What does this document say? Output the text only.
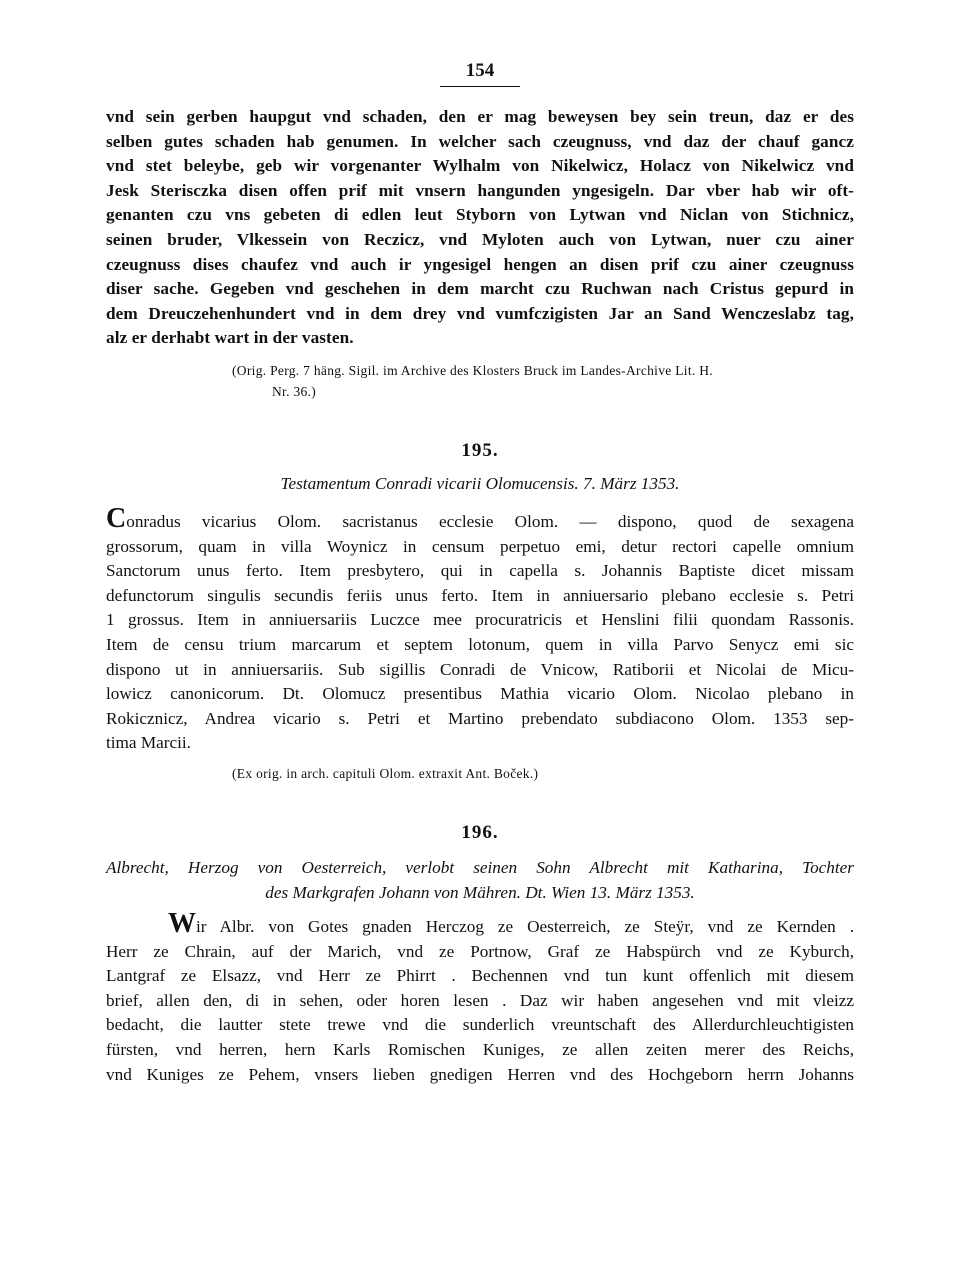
154
vnd sein gerben haupgut vnd schaden, den er mag beweysen bey sein treun, daz er des
selben gutes schaden hab genumen. In welcher sach czeugnuss, vnd daz der chauf gancz
vnd stet beleybe, geb wir vorgenanter Wylhalm von Nikelwicz, Holacz von Nikelwicz vnd
Jesk Sterisczka disen offen prif mit vnsern hangunden yngesigeln. Dar vber hab wir oft-
genanten czu vns gebeten di edlen leut Styborn von Lytwan vnd Niclan von Stichnicz,
seinen bruder, Vlkessein von Reczicz, vnd Myloten auch von Lytwan, nuer czu ainer
czeugnuss dises chaufez vnd auch ir yngesigel hengen an disen prif czu ainer czeugnuss
diser sache. Gegeben vnd geschehen in dem marcht czu Ruchwan nach Cristus gepurd in
dem Dreuczehenhundert vnd in dem drey vnd vumfczigisten Jar an Sand Wenczeslabz tag,
alz er derhabt wart in der vasten.
(Orig. Perg. 7 häng. Sigil. im Archive des Klosters Bruck im Landes-Archive Lit. H.
Nr. 36.)
195.
Testamentum Conradi vicarii Olomucensis. 7. März 1353.
Conradus vicarius Olom. sacristanus ecclesie Olom. — dispono, quod de sexagena
grossorum, quam in villa Woynicz in censum perpetuo emi, detur rectori capelle omnium
Sanctorum unus ferto. Item presbytero, qui in capella s. Johannis Baptiste dicet missam
defunctorum singulis secundis feriis unus ferto. Item in anniuersario plebano ecclesie s. Petri
1 grossus. Item in anniuersariis Luczce mee procuratricis et Henslini filii quondam Rassonis.
Item de censu trium marcarum et septem lotonum, quem in villa Parvo Senycz emi sic
dispono ut in anniuersariis. Sub sigillis Conradi de Vnicow, Ratiborii et Nicolai de Micu-
lowicz canonicorum. Dt. Olomucz presentibus Mathia vicario Olom. Nicolao plebano in
Rokicznicz, Andrea vicario s. Petri et Martino prebendato subdiacono Olom. 1353 sep-
tima Marcii.
(Ex orig. in arch. capituli Olom. extraxit Ant. Boček.)
196.
Albrecht, Herzog von Oesterreich, verlobt seinen Sohn Albrecht mit Katharina, Tochter
des Markgrafen Johann von Mähren. Dt. Wien 13. März 1353.
Wir Albr. von Gotes gnaden Herczog ze Oesterreich, ze Steÿr, vnd ze Kernden .
Herr ze Chrain, auf der Marich, vnd ze Portnow, Graf ze Habspürch vnd ze Kyburch,
Lantgraf ze Elsazz, vnd Herr ze Phirrt . Bechennen vnd tun kunt offenlich mit diesem
brief, allen den, di in sehen, oder horen lesen . Daz wir haben angesehen vnd mit vleizz
bedacht, die lautter stete trewe vnd die sunderlich vreuntschaft des Allerdurchleuchtigisten
fürsten, vnd herren, hern Karls Romischen Kuniges, ze allen zeiten merer des Reichs,
vnd Kuniges ze Pehem, vnsers lieben gnedigen Herren vnd des Hochgeborn herrn Johanns
